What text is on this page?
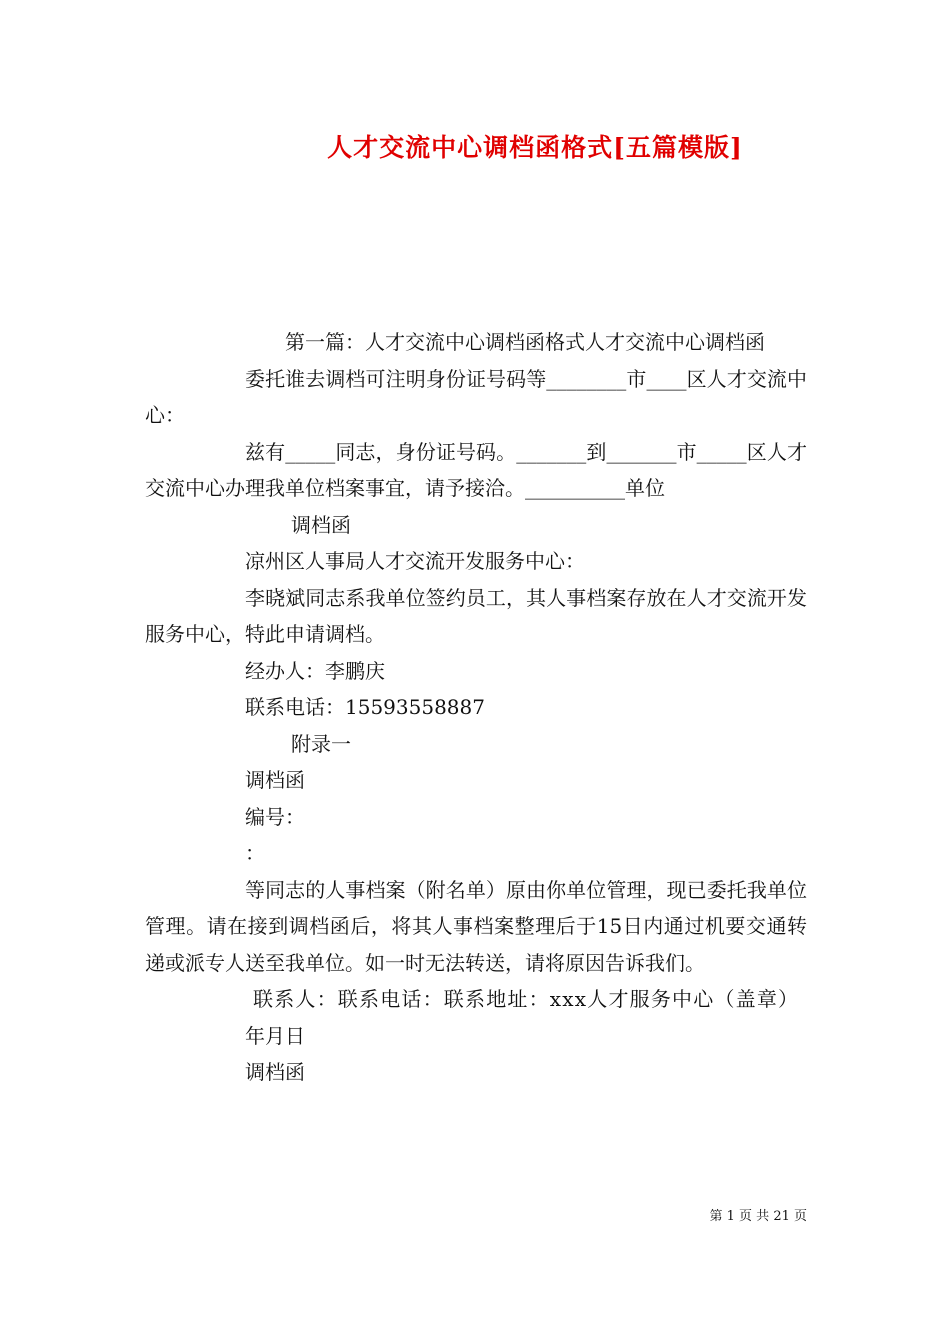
人才交流中心调档函格式[五篇模版]

第一篇：人才交流中心调档函格式人才交流中心调档函

委托谁去调档可注明身份证号码等________市____区人才交流中心：

兹有_____同志，身份证号码。_______到_______市_____区人才交流中心办理我单位档案事宜，请予接洽。__________单位

调档函

凉州区人事局人才交流开发服务中心：

李晓斌同志系我单位签约员工，其人事档案存放在人才交流开发服务中心，特此申请调档。

经办人：李鹏庆

联系电话：15593558887

附录一

调档函

编号：

：

等同志的人事档案（附名单）原由你单位管理，现已委托我单位管理。请在接到调档函后，将其人事档案整理后于15日内通过机要交通转递或派专人送至我单位。如一时无法转送，请将原因告诉我们。

联系人：联系电话：联系地址：xxx人才服务中心（盖章）

年月日

调档函

第 1 页 共 21 页
